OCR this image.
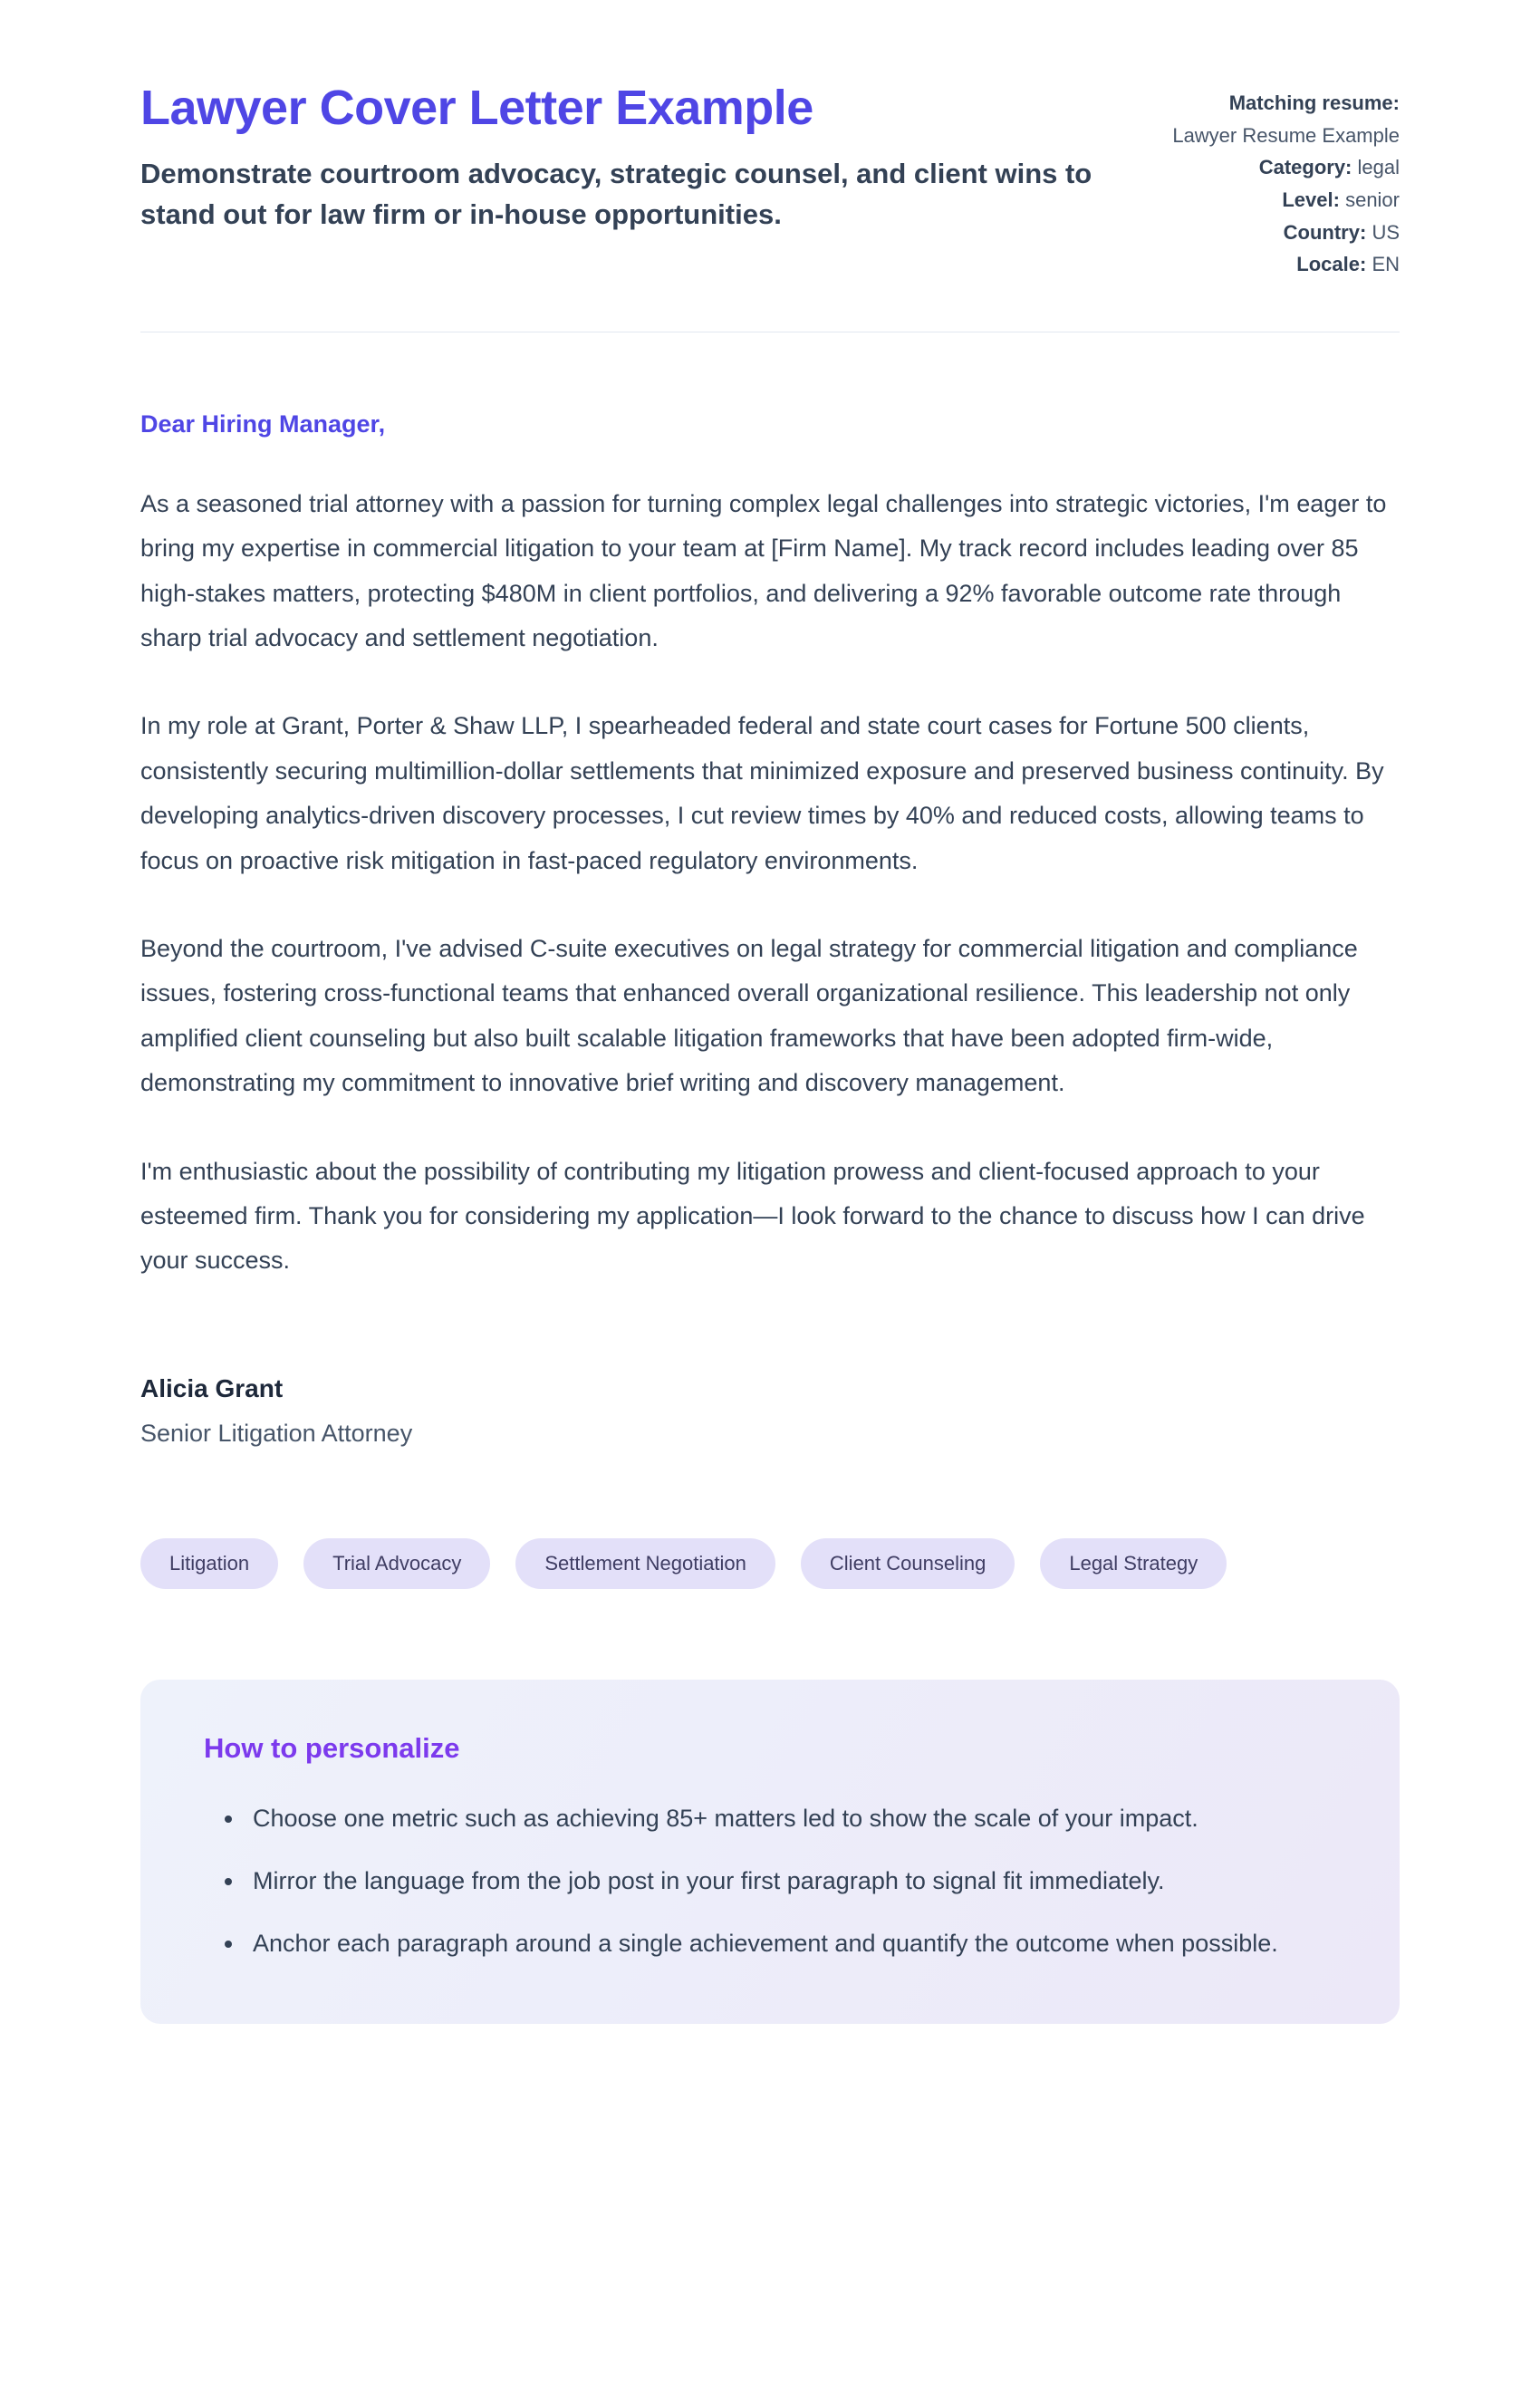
Lawyer Cover Letter Example

Demonstrate courtroom advocacy, strategic counsel, and client wins to stand out for law firm or in-house opportunities.

Matching resume: Lawyer Resume Example

Category: legal

Level: senior

Country: US

Locale: EN

Dear Hiring Manager,

As a seasoned trial attorney with a passion for turning complex legal challenges into strategic victories, I'm eager to bring my expertise in commercial litigation to your team at [Firm Name]. My track record includes leading over 85 high-stakes matters, protecting $480M in client portfolios, and delivering a 92% favorable outcome rate through sharp trial advocacy and settlement negotiation.

In my role at Grant, Porter & Shaw LLP, I spearheaded federal and state court cases for Fortune 500 clients, consistently securing multimillion-dollar settlements that minimized exposure and preserved business continuity. By developing analytics-driven discovery processes, I cut review times by 40% and reduced costs, allowing teams to focus on proactive risk mitigation in fast-paced regulatory environments.

Beyond the courtroom, I've advised C-suite executives on legal strategy for commercial litigation and compliance issues, fostering cross-functional teams that enhanced overall organizational resilience. This leadership not only amplified client counseling but also built scalable litigation frameworks that have been adopted firm-wide, demonstrating my commitment to innovative brief writing and discovery management.

I'm enthusiastic about the possibility of contributing my litigation prowess and client-focused approach to your esteemed firm. Thank you for considering my application—I look forward to the chance to discuss how I can drive your success.

Alicia Grant
Senior Litigation Attorney
Litigation	Trial Advocacy	Settlement Negotiation	Client Counseling	Legal Strategy
How to personalize
• Choose one metric such as achieving 85+ matters led to show the scale of your impact.
• Mirror the language from the job post in your first paragraph to signal fit immediately.
• Anchor each paragraph around a single achievement and quantify the outcome when possible.
